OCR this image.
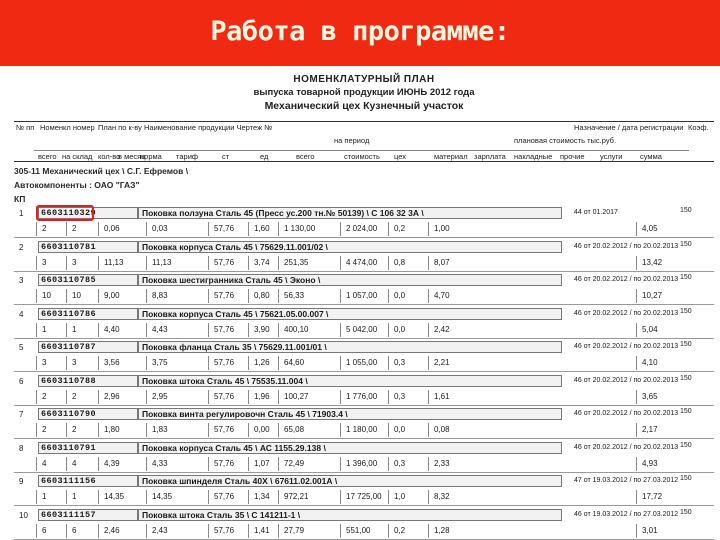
Работа в программе:
НОМЕНКЛАТУРНЫЙ ПЛАН
выпуска товарной продукции ИЮНЬ 2012 года
Механический цех Кузнечный участок
№ пп Номенкл номер План по к-ву Наименование продукции Чертеж №
на период	плановая стоимость тыс.руб.
Назначение / дата регистрации Коэф.
всего на склад кол-во
в месяц
норма тариф	ст	ед	всего	стоимость цех	материал зарплата накладные прочие услуги сумма
305-11 Механический цех \ С.Г. Ефремов \
Автокомпоненты : ОАО "ГАЗ"
КП
1	6603110329	Поковка ползуна Сталь 45 (Пресс ус.200 тн.№ 50139) \ С 106 32 3А \	44 от 01.2017	150
2	2	0,06	0,03	57,76 1,60 1 130,00	2 024,00 0,2	1,00	4,05
2	6603110781	Поковка корпуса Сталь 45 \ 75629.11.001/02 \	46 от 20.02.2012 / по 20.02.2013 150
3	3	11,13	11,13	57,76 3,74 251,35	4 474,00 0,8	8,07	13,42
3	6603110785	Поковка шестигранника Сталь 45 \ Эконо \	46 от 20.02.2012 / по 20.02.2013 150
10	10	9,00	8,83	57,76 0,80 56,33	1 057,00 0,0	4,70	10,27
4	6603110786	Поковка корпуса Сталь 45 \ 75621.05.00.007 \	46 от 20.02.2012 / по 20.02.2013 150
1	1	4,40	4,43	57,76 3,90 400,10	5 042,00 0,0	2,42	5,04
5	6603110787	Поковка фланца Сталь 35 \ 75629.11.001/01 \	46 от 20.02.2012 / по 20.02.2013 150
3	3	3,56	3,75	57,76 1,26 64,60	1 055,00 0,3	2,21	4,10
6	6603110788	Поковка штока Сталь 45 \ 75535.11.004 \	46 от 20.02.2012 / по 20.02.2013 150
2	2	2,96	2,95	57,76 1,96 100,27	1 776,00 0,3	1,61	3,65
7	6603110790	Поковка винта регулировочн Сталь 45 \ 71903.4 \	46 от 20.02.2012 / по 20.02.2013 150
2	2	1,80	1,83	57,76 0,00 65,08	1 180,00 0,0	0,08	2,17
8	6603110791	Поковка корпуса Сталь 45 \ АС 1155.29.138 \	46 от 20.02.2012 / по 20.02.2013 150
4	4	4,39	4,33	57,76 1,07 72,49	1 396,00 0,3	2,33	4,93
9	6603111156	Поковка шпинделя Сталь 40Х \ 67611.02.001А \	47 от 19.03.2012 / по 27.03.2012 150
1	1	14,35	14,35	57,76 1,34 972,21	17 725,00 1,0	8,32	17,72
10	6603111157	Поковка штока Сталь 35 \ С 141211-1 \	46 от 19.03.2012 / по 27.03.2012 150
6	6	2,46	2,43	57,76 1,41 27,79	551,00	0,2	1,28	3,01
